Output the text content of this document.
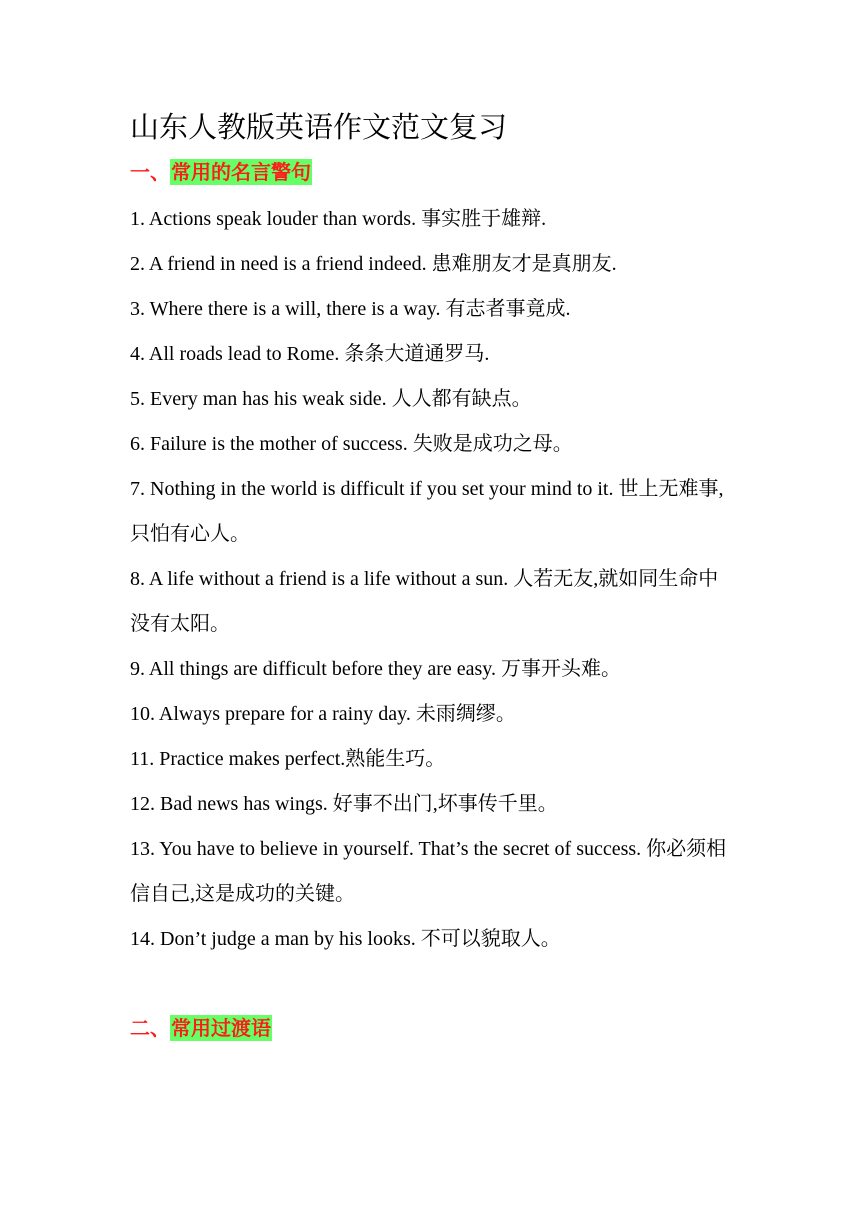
山东人教版英语作文范文复习
一、常用的名言警句
1. Actions speak louder than words. 事实胜于雄辩.
2. A friend in need is a friend indeed. 患难朋友才是真朋友.
3. Where there is a will, there is a way. 有志者事竟成.
4. All roads lead to Rome. 条条大道通罗马.
5. Every man has his weak side. 人人都有缺点。
6. Failure is the mother of success. 失败是成功之母。
7. Nothing in the world is difficult if you set your mind to it. 世上无难事,只怕有心人。
8. A life without a friend is a life without a sun. 人若无友,就如同生命中没有太阳。
9. All things are difficult before they are easy. 万事开头难。
10. Always prepare for a rainy day. 未雨绸缪。
11. Practice makes perfect.熟能生巧。
12. Bad news has wings. 好事不出门,坏事传千里。
13. You have to believe in yourself. That’s the secret of success. 你必须相信自己,这是成功的关键。
14. Don’t judge a man by his looks. 不可以貌取人。
二、常用过渡语
